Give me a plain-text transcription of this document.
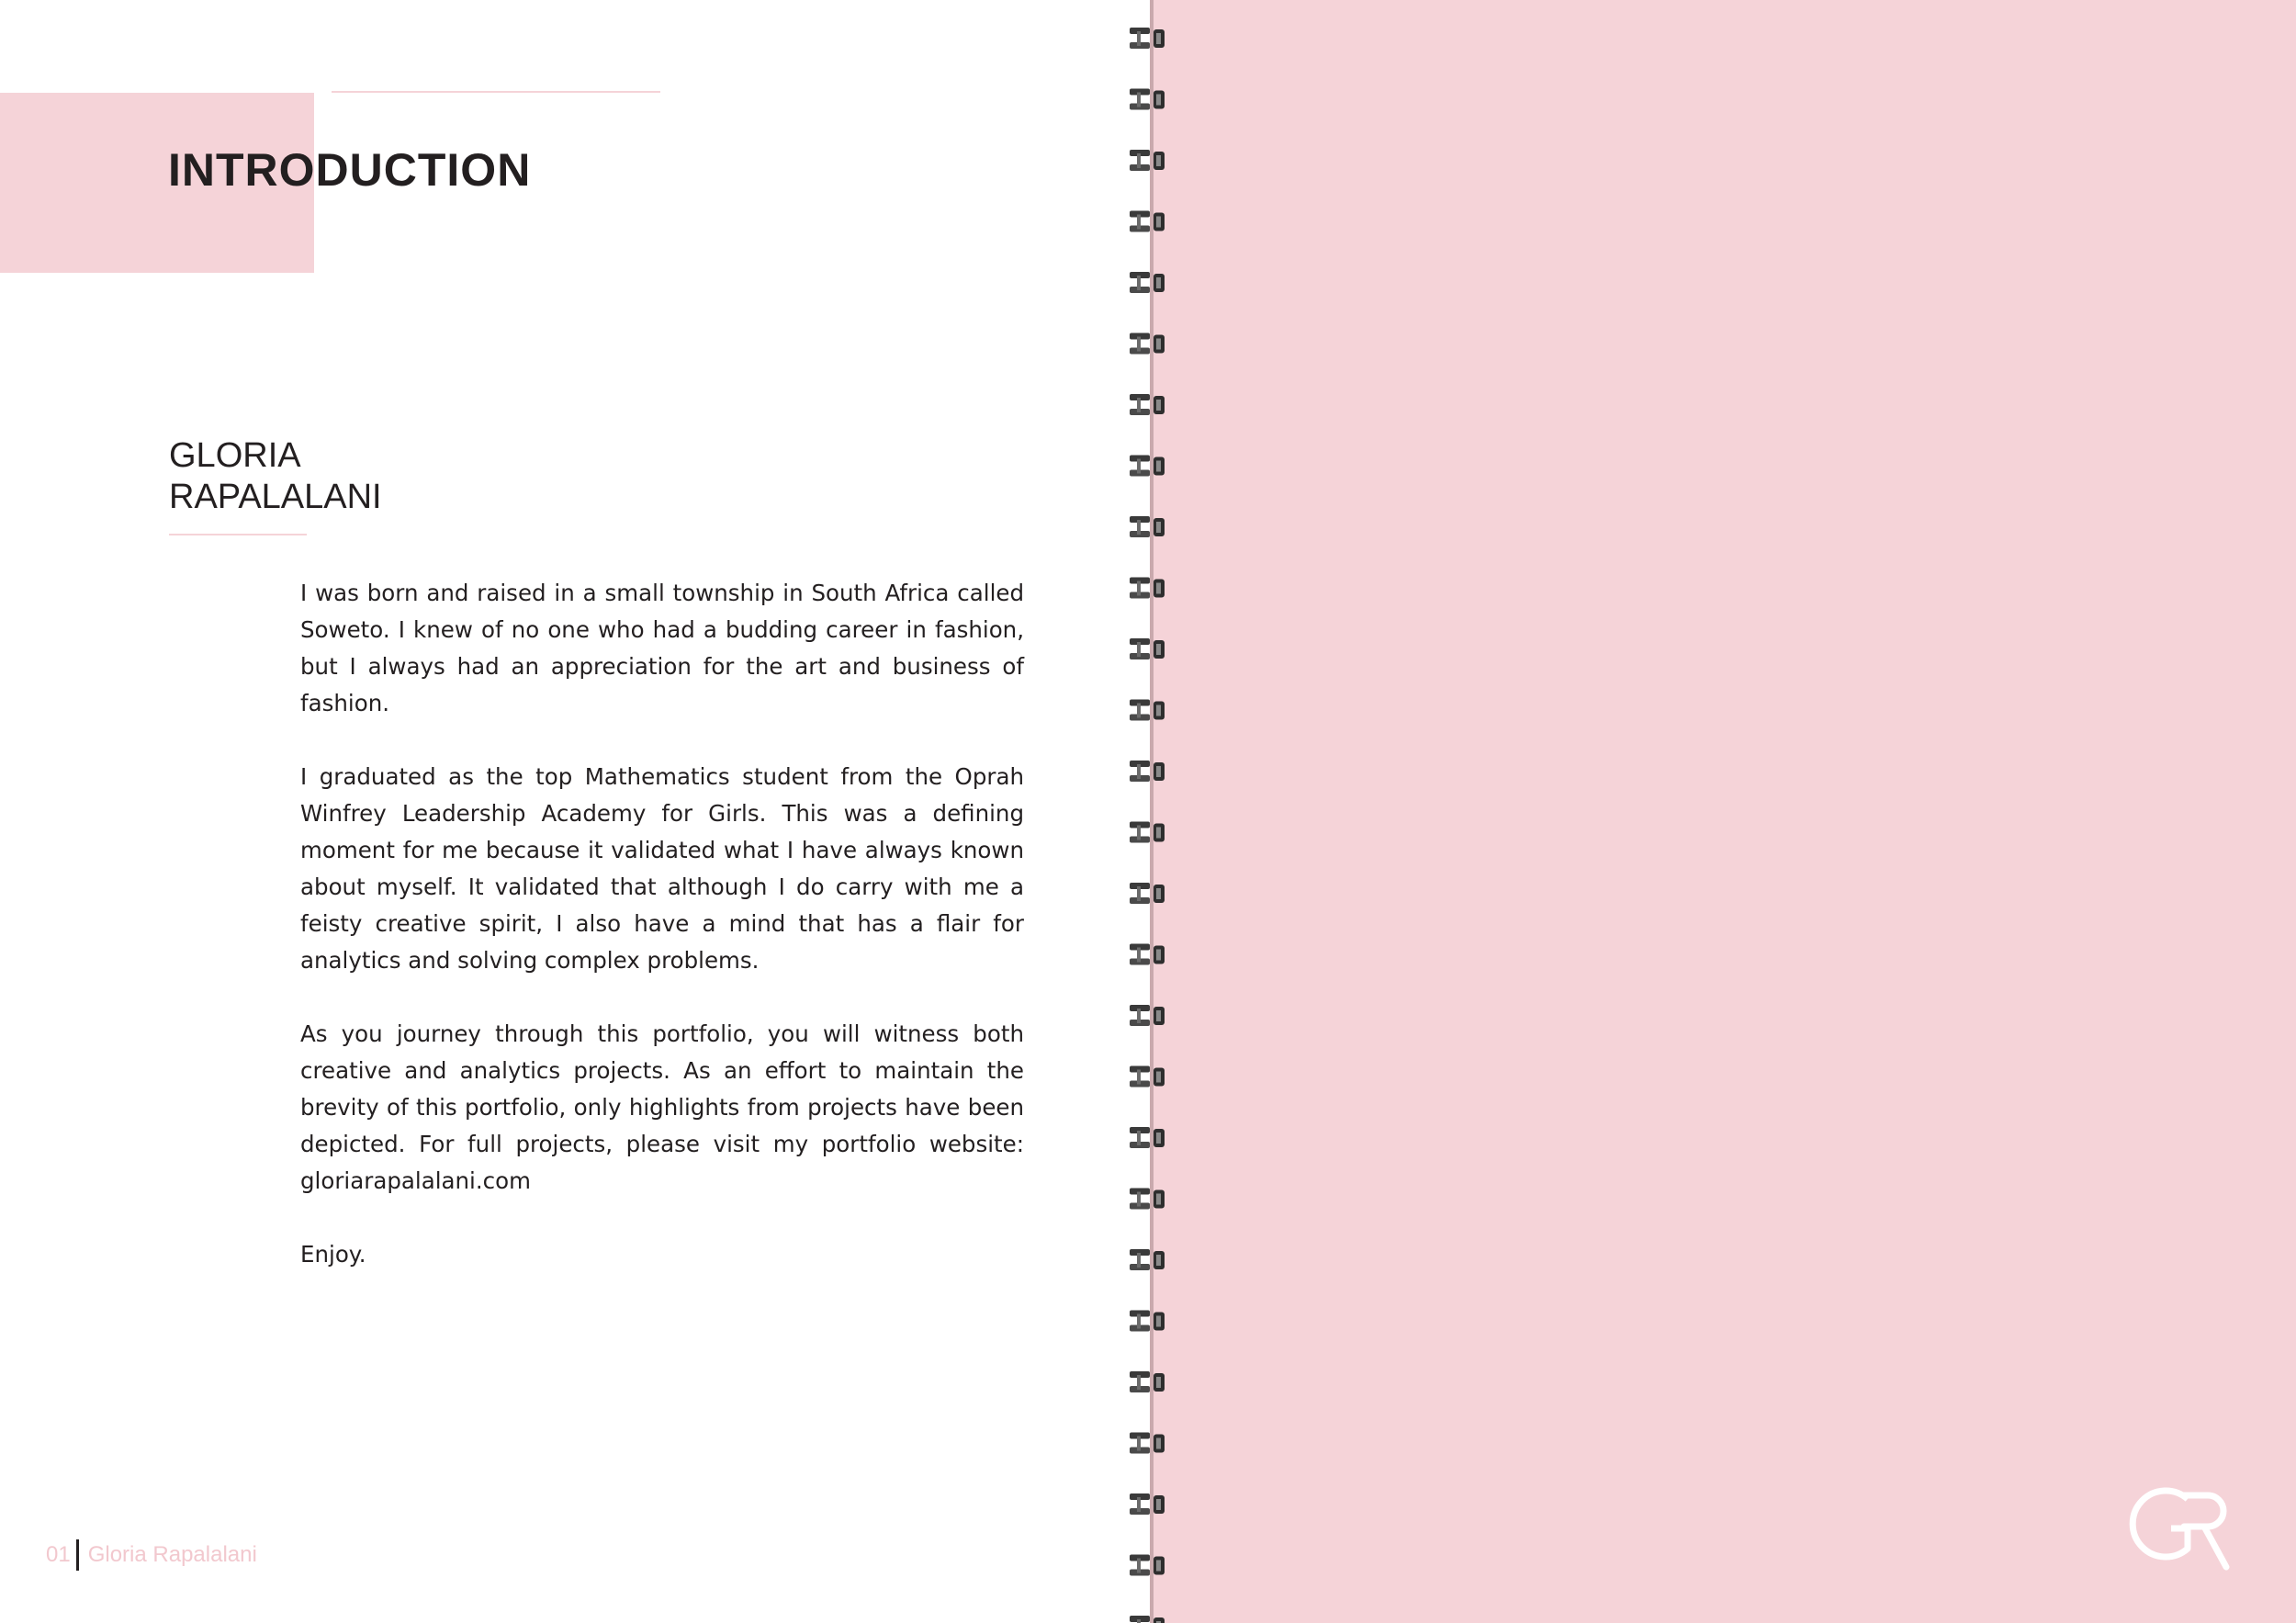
INTRODUCTION
GLORIA
RAPALALANI

I was born and raised in a small township in South Africa called Soweto. I knew of no one who had a budding career in fashion, but I always had an appreciation for the art and business of fashion.

I graduated as the top Mathematics student from the Oprah Winfrey Leadership Academy for Girls. This was a defining moment for me because it validated what I have always known about myself. It validated that although I do carry with me a feisty creative spirit, I also have a mind that has a flair for analytics and solving complex problems.

As you journey through this portfolio, you will witness both creative and analytics projects. As an effort to maintain the brevity of this portfolio, only highlights from projects have been depicted. For full projects, please visit my portfolio website: gloriarapalalani.com

Enjoy.

01 Gloria Rapalalani
